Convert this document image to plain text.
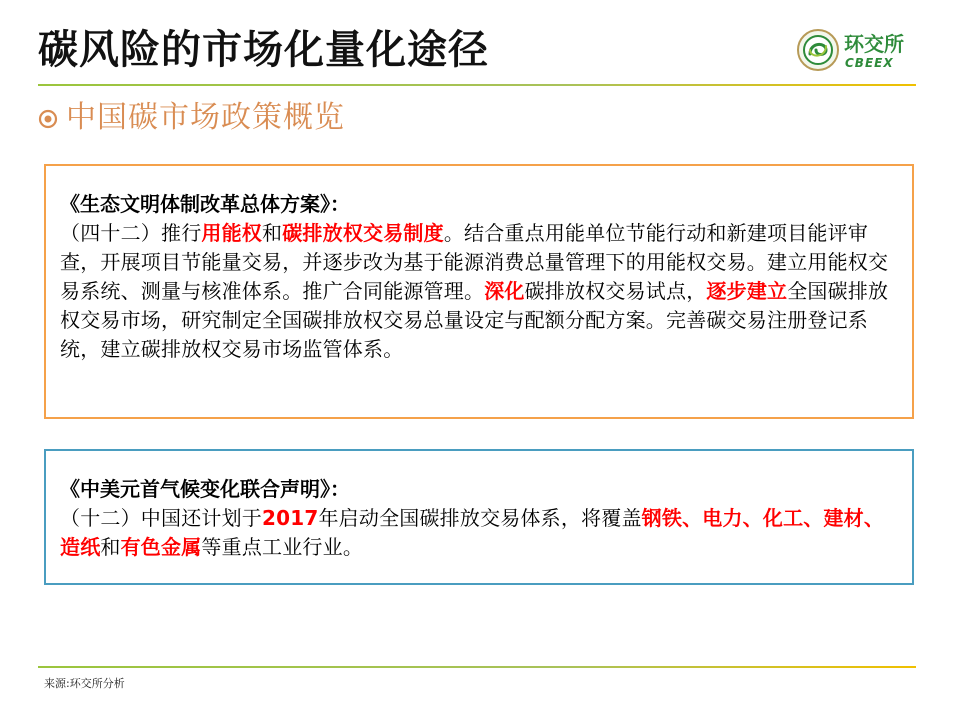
碳风险的市场化量化途径	环交所
CBEEX
中国碳市场政策概览
《生态文明体制改革总体方案》：
（四十二）推行用能权和碳排放权交易制度。结合重点用能单位节能行动和新建项目能评审查，开展项目节能量交易，并逐步改为基于能源消费总量管理下的用能权交易。建立用能权交易系统、测量与核准体系。推广合同能源管理。深化碳排放权交易试点，逐步建立全国碳排放权交易市场，研究制定全国碳排放权交易总量设定与配额分配方案。完善碳交易注册登记系统，建立碳排放权交易市场监管体系。
《中美元首气候变化联合声明》：
（十二）中国还计划于2017年启动全国碳排放交易体系，将覆盖钢铁、电力、化工、建材、造纸和有色金属等重点工业行业。
来源:环交所分析
